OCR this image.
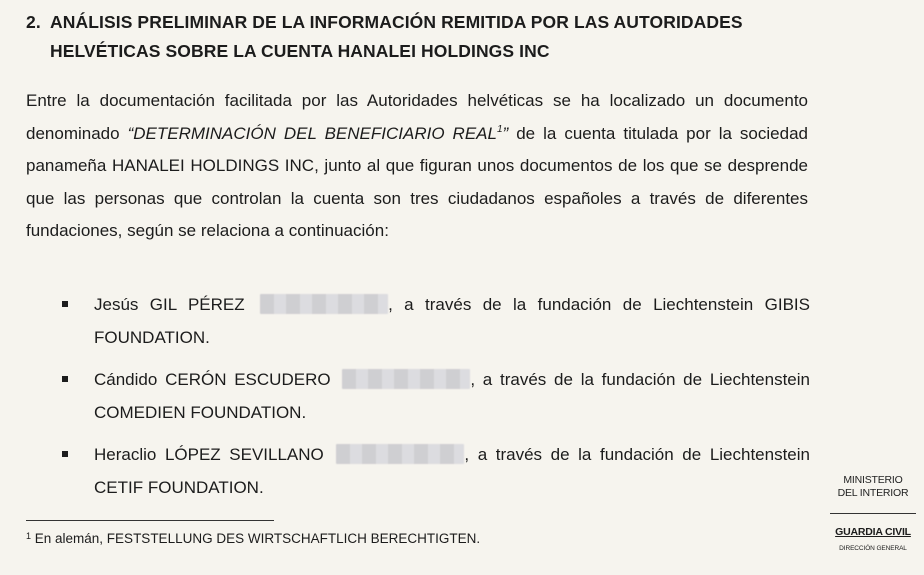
2. ANÁLISIS PRELIMINAR DE LA INFORMACIÓN REMITIDA POR LAS AUTORIDADES
HELVÉTICAS SOBRE LA CUENTA HANALEI HOLDINGS INC
Entre la documentación facilitada por las Autoridades helvéticas se ha localizado un documento denominado “DETERMINACIÓN DEL BENEFICIARIO REAL$^1$” de la cuenta titulada por la sociedad panameña HANALEI HOLDINGS INC, junto al que figuran unos documentos de los que se desprende que las personas que controlan la cuenta son tres ciudadanos españoles a través de diferentes fundaciones, según se relaciona a continuación:
Jesús GIL PÉREZ	, a través de la fundación de Liechtenstein GIBIS FOUNDATION.
Cándido CERÓN ESCUDERO	, a través de la fundación de Liechtenstein COMEDIEN FOUNDATION.
Heraclio LÓPEZ SEVILLANO	, a través de la fundación de Liechtenstein CETIF FOUNDATION.
$^1$ En alemán, FESTSTELLUNG DES WIRTSCHAFTLICH BERECHTIGTEN.
MINISTERIO
DEL INTERIOR
GUARDIA CIVIL
DIRECCIÓN GENERAL
